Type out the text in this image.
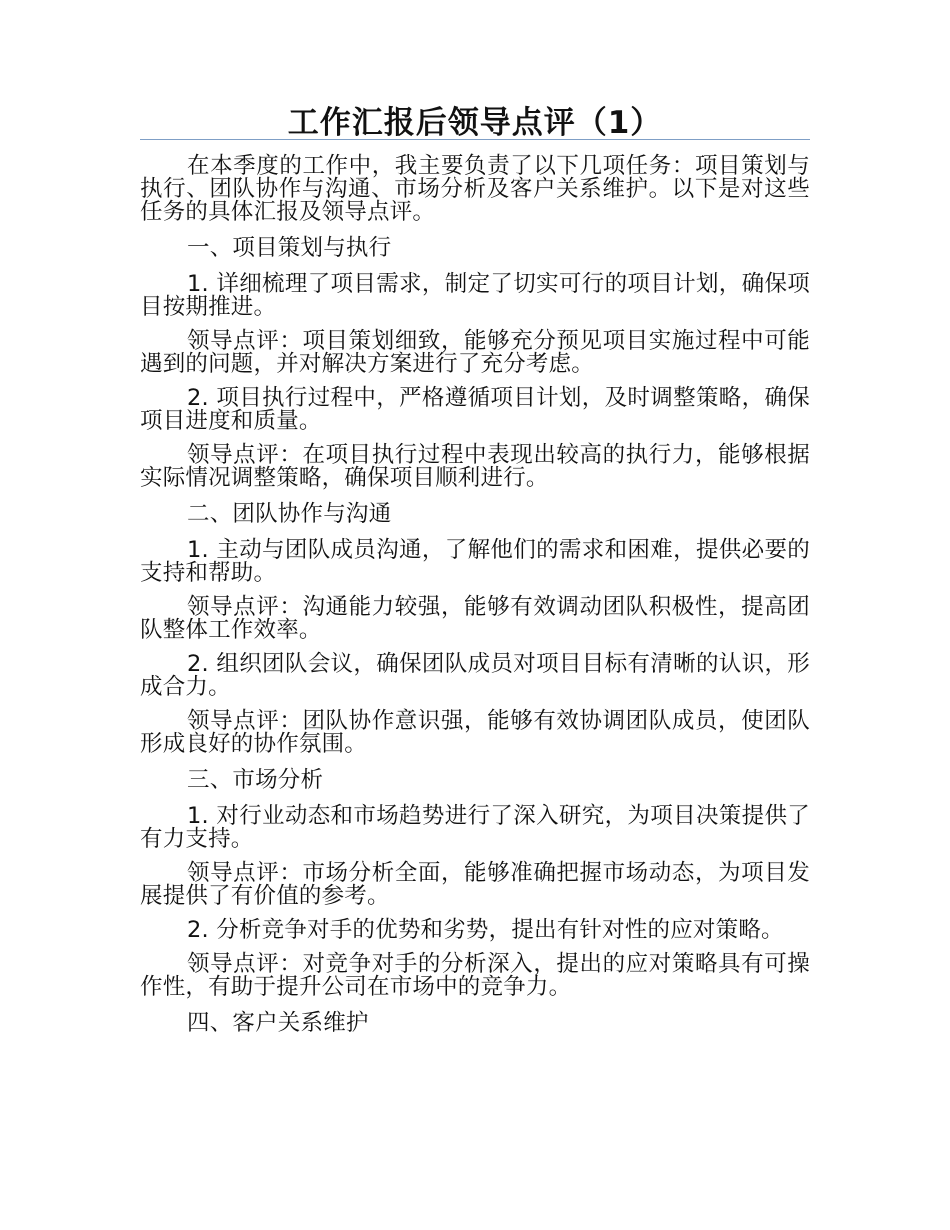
工作汇报后领导点评（1）

在本季度的工作中，我主要负责了以下几项任务：项目策划与执行、团队协作与沟通、市场分析及客户关系维护。以下是对这些任务的具体汇报及领导点评。

一、项目策划与执行

1. 详细梳理了项目需求，制定了切实可行的项目计划，确保项目按期推进。

领导点评：项目策划细致，能够充分预见项目实施过程中可能遇到的问题，并对解决方案进行了充分考虑。

2. 项目执行过程中，严格遵循项目计划，及时调整策略，确保项目进度和质量。

领导点评：在项目执行过程中表现出较高的执行力，能够根据实际情况调整策略，确保项目顺利进行。

二、团队协作与沟通

1. 主动与团队成员沟通，了解他们的需求和困难，提供必要的支持和帮助。

领导点评：沟通能力较强，能够有效调动团队积极性，提高团队整体工作效率。

2. 组织团队会议，确保团队成员对项目目标有清晰的认识，形成合力。

领导点评：团队协作意识强，能够有效协调团队成员，使团队形成良好的协作氛围。

三、市场分析

1. 对行业动态和市场趋势进行了深入研究，为项目决策提供了有力支持。

领导点评：市场分析全面，能够准确把握市场动态，为项目发展提供了有价值的参考。

2. 分析竞争对手的优势和劣势，提出有针对性的应对策略。

领导点评：对竞争对手的分析深入，提出的应对策略具有可操作性，有助于提升公司在市场中的竞争力。

四、客户关系维护
